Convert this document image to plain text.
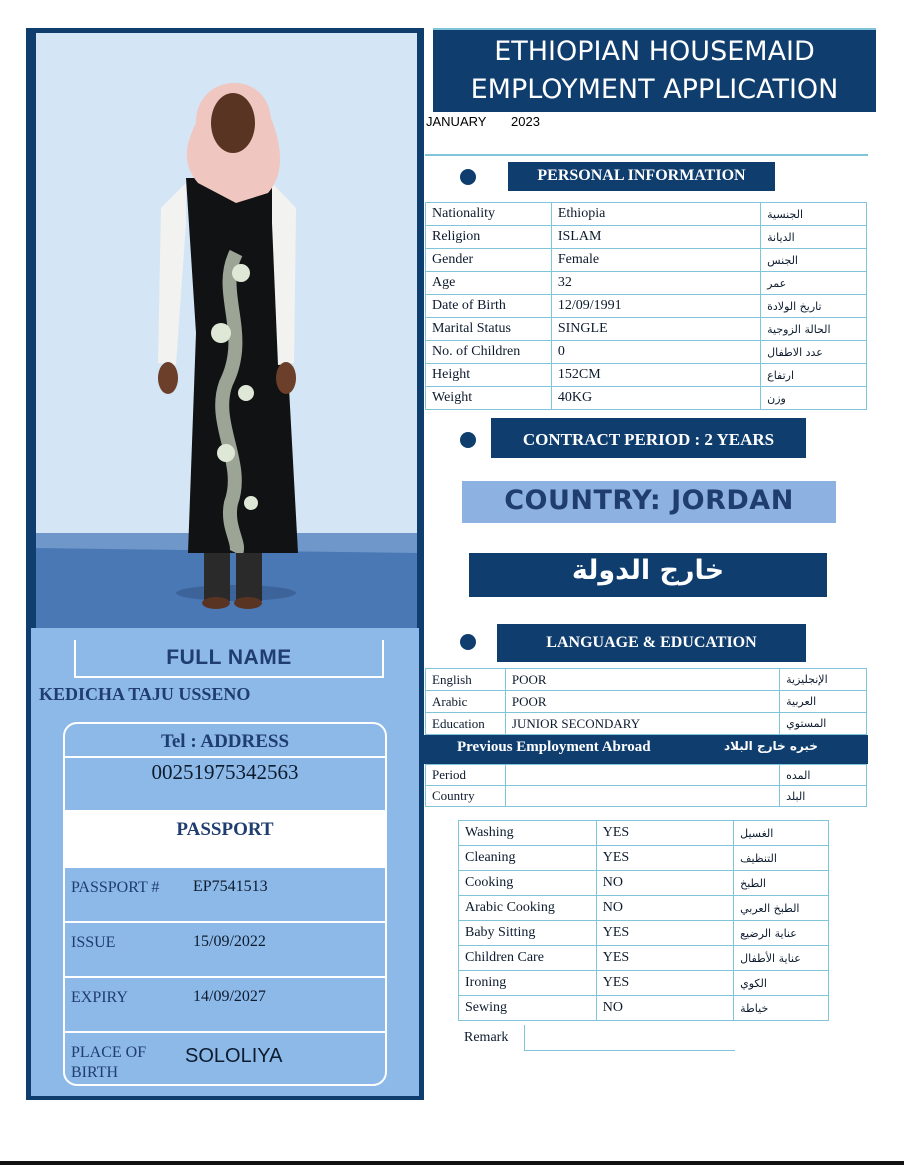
FULL NAME
KEDICHA TAJU USSENO
Tel : ADDRESS
00251975342563
PASSPORT
PASSPORT # EP7541513
ISSUE	15/09/2022
EXPIRY	14/09/2027
PLACE OF
BIRTH
SOLOLIYA
ETHIOPIAN HOUSEMAID
EMPLOYMENT APPLICATION
JANUARY 2023
PERSONAL INFORMATION
Nationality	Ethiopia	الجنسية
Religion	ISLAM	الديانة
Gender	Female	الجنس
Age	32	عمر
Date of Birth	12/09/1991	تاريخ الولادة
Marital Status	SINGLE	الحالة الزوجية
No. of Children	0	عدد الاطفال
Height	152CM	ارتفاع
Weight	40KG	وزن
CONTRACT PERIOD : 2 YEARS
COUNTRY: JORDAN
خارج الدولة
LANGUAGE & EDUCATION
English	POOR	الإنجليزية
Arabic	POOR	العربية
Education	JUNIOR SECONDARY	المستوي
Previous Employment Abroad	خبره خارج البلاد
Period		المده
Country		البلد
Washing	YES	الغسيل
Cleaning	YES	التنظيف
Cooking	NO	الطبخ
Arabic Cooking	NO	الطبخ العربي
Baby Sitting	YES	عناية الرضيع
Children Care	YES	عناية الأطفال
Ironing	YES	الكوي
Sewing	NO	خياطة
Remark	
